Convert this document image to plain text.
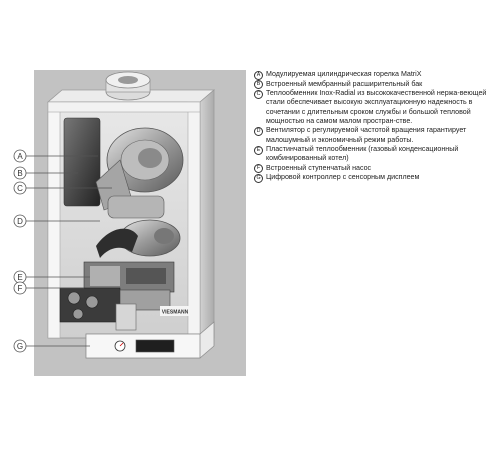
VIESMANN
A
B
C
D
E
F
G
A Модулируемая цилиндрическая горелка MatriX
B Встроенный мембранный расширительный бак
C Теплообменник Inox-Radial из высококачественной нержа-веющей стали обеспечивает высокую эксплуатационную надежность в сочетании с длительным сроком службы и большой тепловой мощностью на самом малом простран-стве.
D Вентилятор с регулируемой частотой вращения гарантирует малошумный и экономичный режим работы.
E Пластинчатый теплообменник (газовый конденсационный комбинированный котел)
F Встроенный ступенчатый насос
G Цифровой контроллер с сенсорным дисплеем
